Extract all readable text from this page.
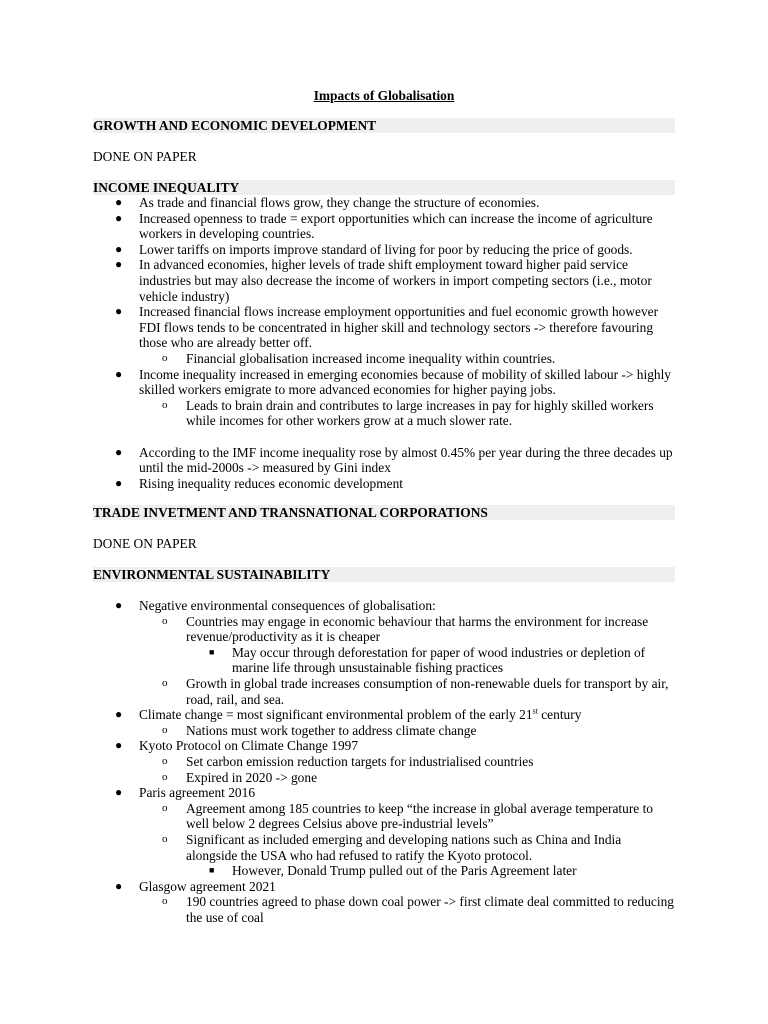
Impacts of Globalisation
GROWTH AND ECONOMIC DEVELOPMENT
DONE ON PAPER
INCOME INEQUALITY
● As trade and financial flows grow, they change the structure of economies.
● Increased openness to trade = export opportunities which can increase the income of agriculture workers in developing countries.
● Lower tariffs on imports improve standard of living for poor by reducing the price of goods.
● In advanced economies, higher levels of trade shift employment toward higher paid service industries but may also decrease the income of workers in import competing sectors (i.e., motor vehicle industry)
● Increased financial flows increase employment opportunities and fuel economic growth however FDI flows tends to be concentrated in higher skill and technology sectors -> therefore favouring those who are already better off.
o Financial globalisation increased income inequality within countries.
● Income inequality increased in emerging economies because of mobility of skilled labour -> highly skilled workers emigrate to more advanced economies for higher paying jobs.
o Leads to brain drain and contributes to large increases in pay for highly skilled workers while incomes for other workers grow at a much slower rate.
● According to the IMF income inequality rose by almost 0.45% per year during the three decades up until the mid-2000s -> measured by Gini index
● Rising inequality reduces economic development
TRADE INVETMENT AND TRANSNATIONAL CORPORATIONS
DONE ON PAPER
ENVIRONMENTAL SUSTAINABILITY
● Negative environmental consequences of globalisation:
o Countries may engage in economic behaviour that harms the environment for increase revenue/productivity as it is cheaper
■ May occur through deforestation for paper of wood industries or depletion of marine life through unsustainable fishing practices
o Growth in global trade increases consumption of non-renewable duels for transport by air, road, rail, and sea.
● Climate change = most significant environmental problem of the early 21st century
o Nations must work together to address climate change
● Kyoto Protocol on Climate Change 1997
o Set carbon emission reduction targets for industrialised countries
o Expired in 2020 -> gone
● Paris agreement 2016
o Agreement among 185 countries to keep “the increase in global average temperature to well below 2 degrees Celsius above pre-industrial levels”
o Significant as included emerging and developing nations such as China and India alongside the USA who had refused to ratify the Kyoto protocol.
■ However, Donald Trump pulled out of the Paris Agreement later
● Glasgow agreement 2021
o 190 countries agreed to phase down coal power -> first climate deal committed to reducing the use of coal
